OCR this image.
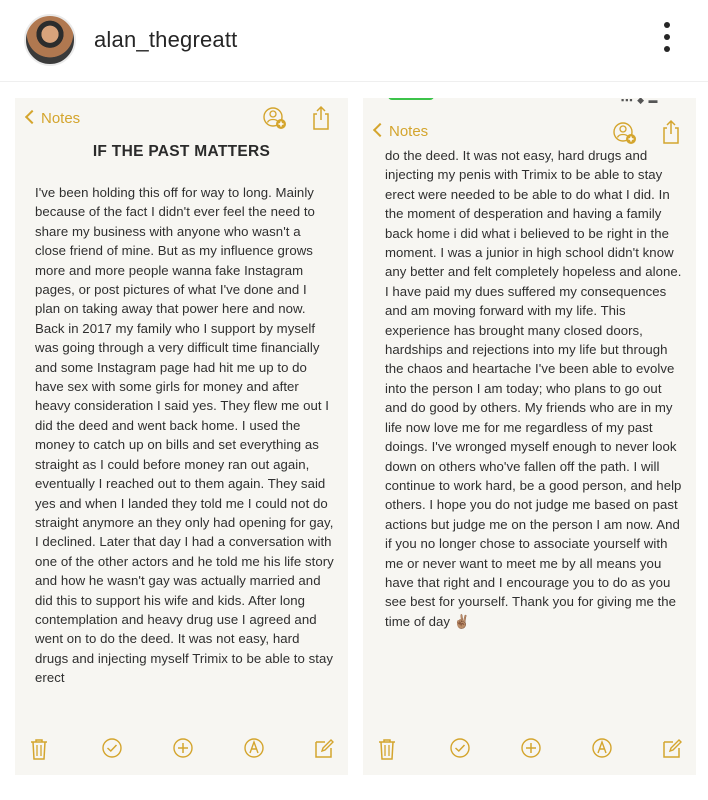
alan_thegreatt
Notes
IF THE PAST MATTERS
I've been holding this off for way to long. Mainly because of the fact I didn't ever feel the need to share my business with anyone who wasn't a close friend of mine. But as my influence grows more and more people wanna fake Instagram pages, or post pictures of what I've done and I plan on taking away that power here and now. Back in 2017 my family who I support by myself was going through a very difficult time financially and some Instagram page had hit me up to do have sex with some girls for money and after heavy consideration I said yes. They flew me out I did the deed and went back home. I used the money to catch up on bills and set everything as straight as I could before money ran out again, eventually I reached out to them again. They said yes and when I landed they told me I could not do straight anymore an they only had opening for gay, I declined. Later that day I had a conversation with one of the other actors and he told me his life story and how he wasn't gay was actually married and did this to support his wife and kids. After long contemplation and heavy drug use I agreed and went on to do the deed. It was not easy, hard drugs and injecting myself Trimix to be able to stay erect
▪▪▪ ◆ ▬
Notes
do the deed. It was not easy, hard drugs and injecting my penis with Trimix to be able to stay erect were needed to be able to do what I did. In the moment of desperation and having a family back home i did what i believed to be right in the moment. I was a junior in high school didn't know any better and felt completely hopeless and alone. I have paid my dues suffered my consequences and am moving forward with my life. This experience has brought many closed doors, hardships and rejections into my life but through the chaos and heartache I've been able to evolve into the person I am today; who plans to go out and do good by others. My friends who are in my life now love me for me regardless of my past doings. I've wronged myself enough to never look down on others who've fallen off the path. I will continue to work hard, be a good person, and help others. I hope you do not judge me based on past actions but judge me on the person I am now. And if you no longer chose to associate yourself with me or never want to meet me by all means you have that right and I encourage you to do as you see best for yourself. Thank you for giving me the time of day ✌🏽
